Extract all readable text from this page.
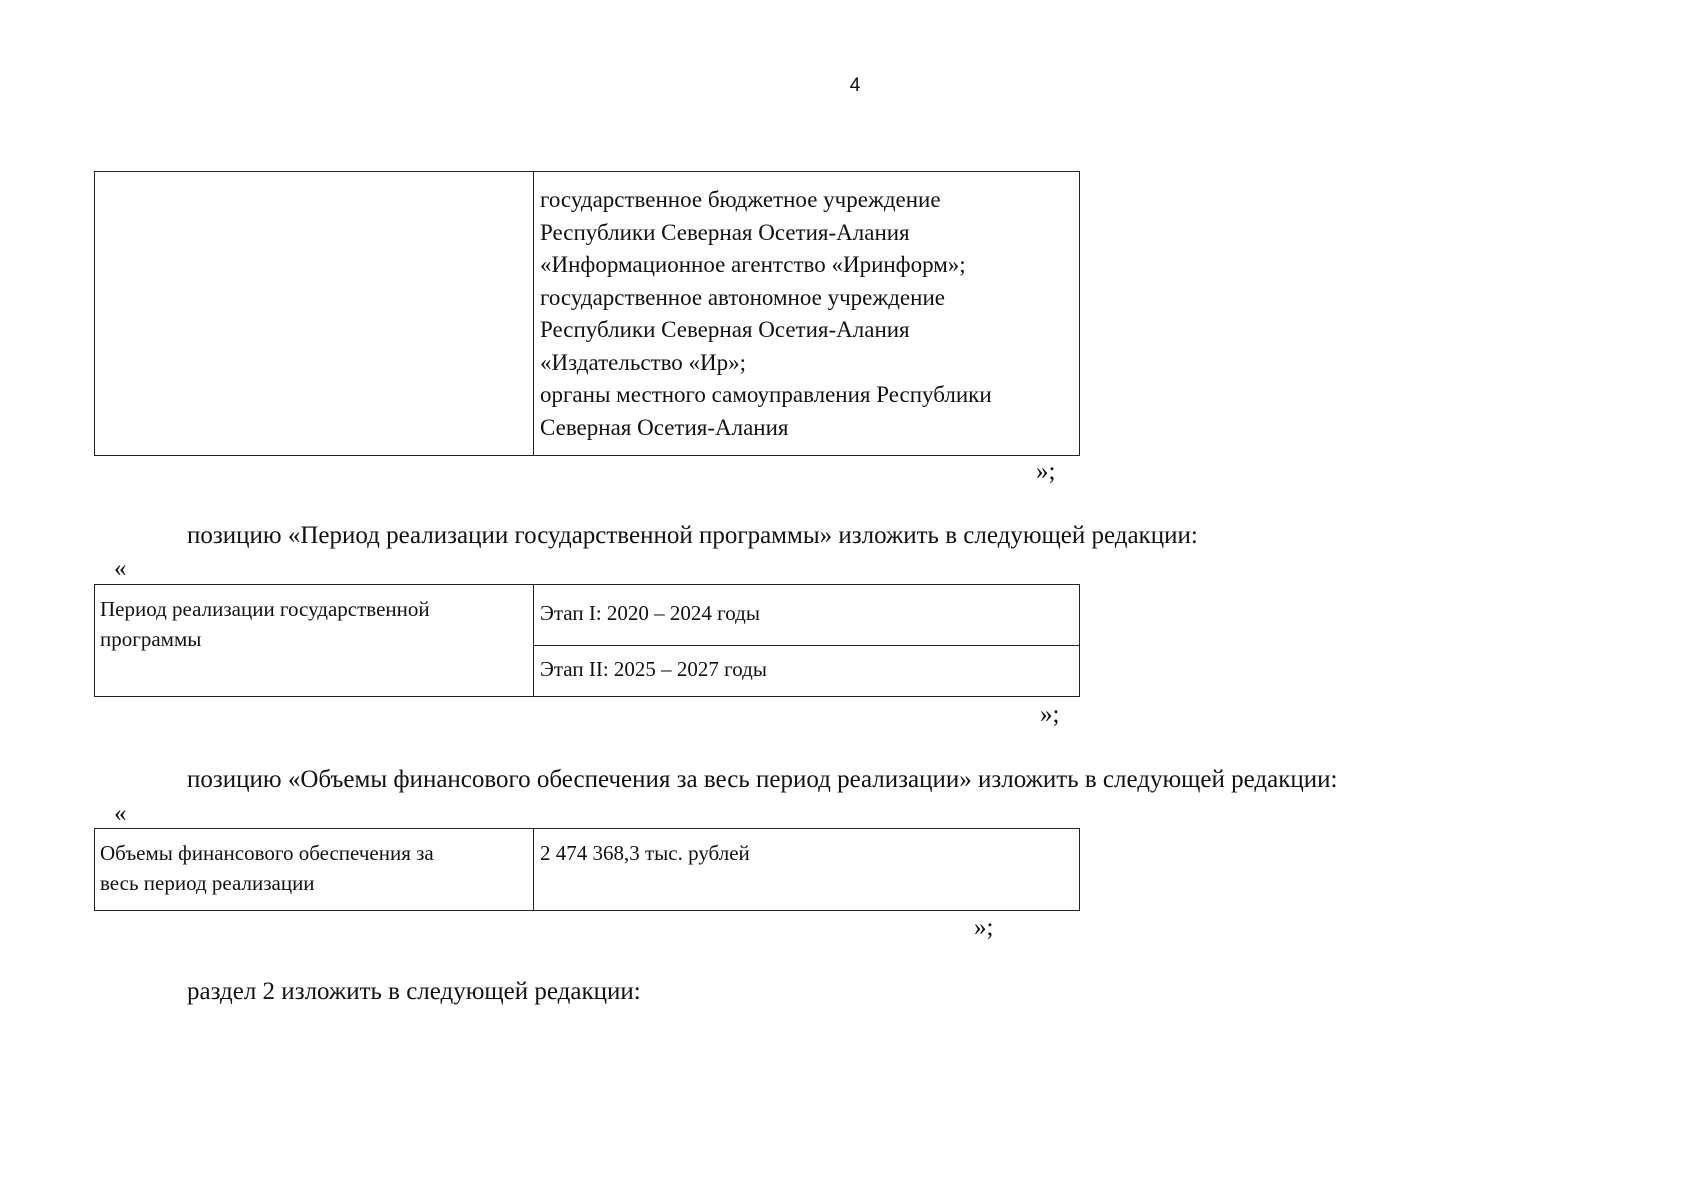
4
государственное бюджетное учреждение
Республики Северная Осетия-Алания
«Информационное агентство «Иринформ»;
государственное автономное учреждение
Республики Северная Осетия-Алания
«Издательство «Ир»;
органы местного самоуправления Республики
Северная Осетия-Алания
»;
позицию «Период реализации государственной программы» изложить в следующей редакции:
«
Период реализации государственной
программы
Этап I: 2020 – 2024 годы
Этап II: 2025 – 2027 годы
»;
позицию «Объемы финансового обеспечения за весь период реализации» изложить в следующей редакции:
«
Объемы финансового обеспечения за
весь период реализации
2 474 368,3 тыс. рублей
»;
раздел 2 изложить в следующей редакции:
